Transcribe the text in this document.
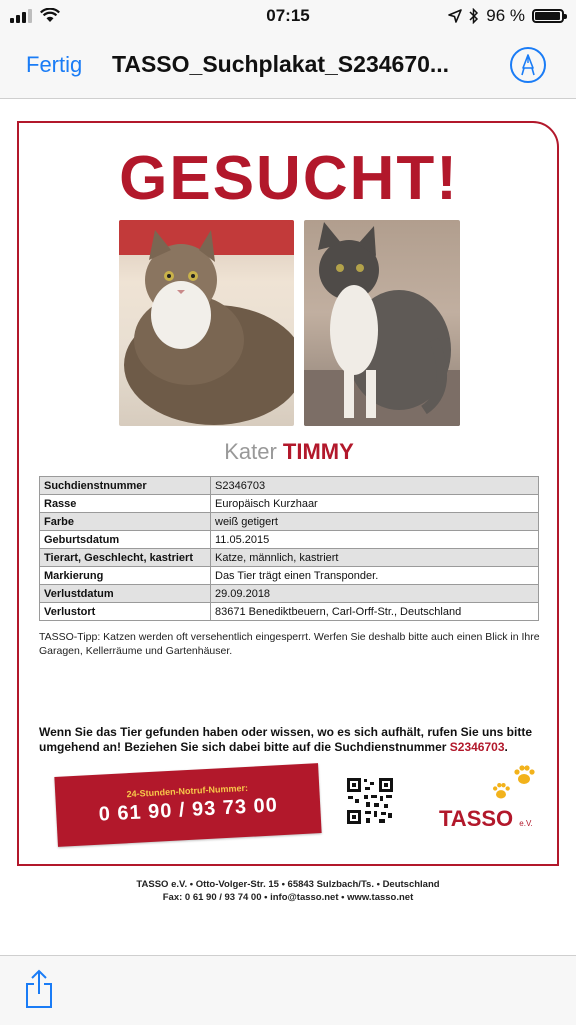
07:15	96 %
Fertig TASSO_Suchplakat_S234670...
GESUCHT!
Kater TIMMY
Suchdienstnummer	S2346703
Rasse	Europäisch Kurzhaar
Farbe	weiß getigert
Geburtsdatum	11.05.2015
Tierart, Geschlecht, kastriert	Katze, männlich, kastriert
Markierung	Das Tier trägt einen Transponder.
Verlustdatum	29.09.2018
Verlustort	83671 Benediktbeuern, Carl-Orff-Str., Deutschland
TASSO-Tipp: Katzen werden oft versehentlich eingesperrt. Werfen Sie deshalb bitte auch einen Blick in Ihre Garagen, Kellerräume und Gartenhäuser.
Wenn Sie das Tier gefunden haben oder wissen, wo es sich aufhält, rufen Sie uns bitte umgehend an! Beziehen Sie sich dabei bitte auf die Suchdienstnummer S2346703.
24-Stunden-Notruf-Nummer:
0 61 90 / 93 73 00	TASSO e.V.
TASSO e.V. • Otto-Volger-Str. 15 • 65843 Sulzbach/Ts. • Deutschland
Fax: 0 61 90 / 93 74 00 • info@tasso.net • www.tasso.net
